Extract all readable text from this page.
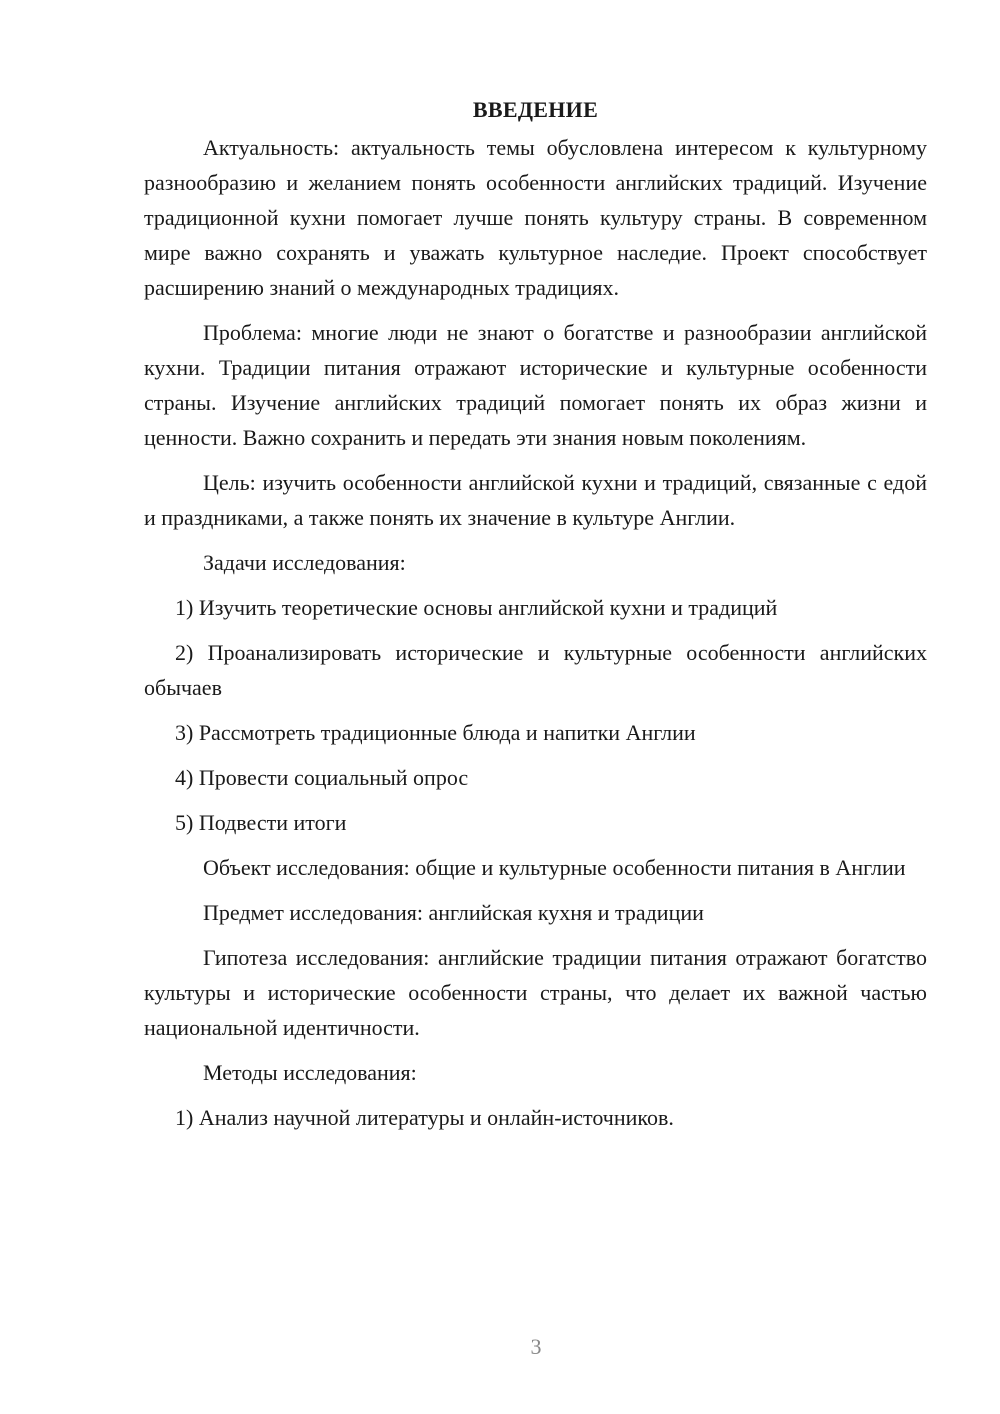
ВВЕДЕНИЕ

Актуальность: актуальность темы обусловлена интересом к культурному разнообразию и желанием понять особенности английских традиций. Изучение традиционной кухни помогает лучше понять культуру страны. В современном мире важно сохранять и уважать культурное наследие. Проект способствует расширению знаний о международных традициях.

Проблема: многие люди не знают о богатстве и разнообразии английской кухни. Традиции питания отражают исторические и культурные особенности страны. Изучение английских традиций помогает понять их образ жизни и ценности. Важно сохранить и передать эти знания новым поколениям.

Цель: изучить особенности английской кухни и традиций, связанные с едой и праздниками, а также понять их значение в культуре Англии.

Задачи исследования:

1) Изучить теоретические основы английской кухни и традиций

2) Проанализировать исторические и культурные особенности английских обычаев

3) Рассмотреть традиционные блюда и напитки Англии

4) Провести социальный опрос

5) Подвести итоги

Объект исследования: общие и культурные особенности питания в Англии

Предмет исследования: английская кухня и традиции

Гипотеза исследования: английские традиции питания отражают богатство культуры и исторические особенности страны, что делает их важной частью национальной идентичности.

Методы исследования:

1) Анализ научной литературы и онлайн-источников.

3
